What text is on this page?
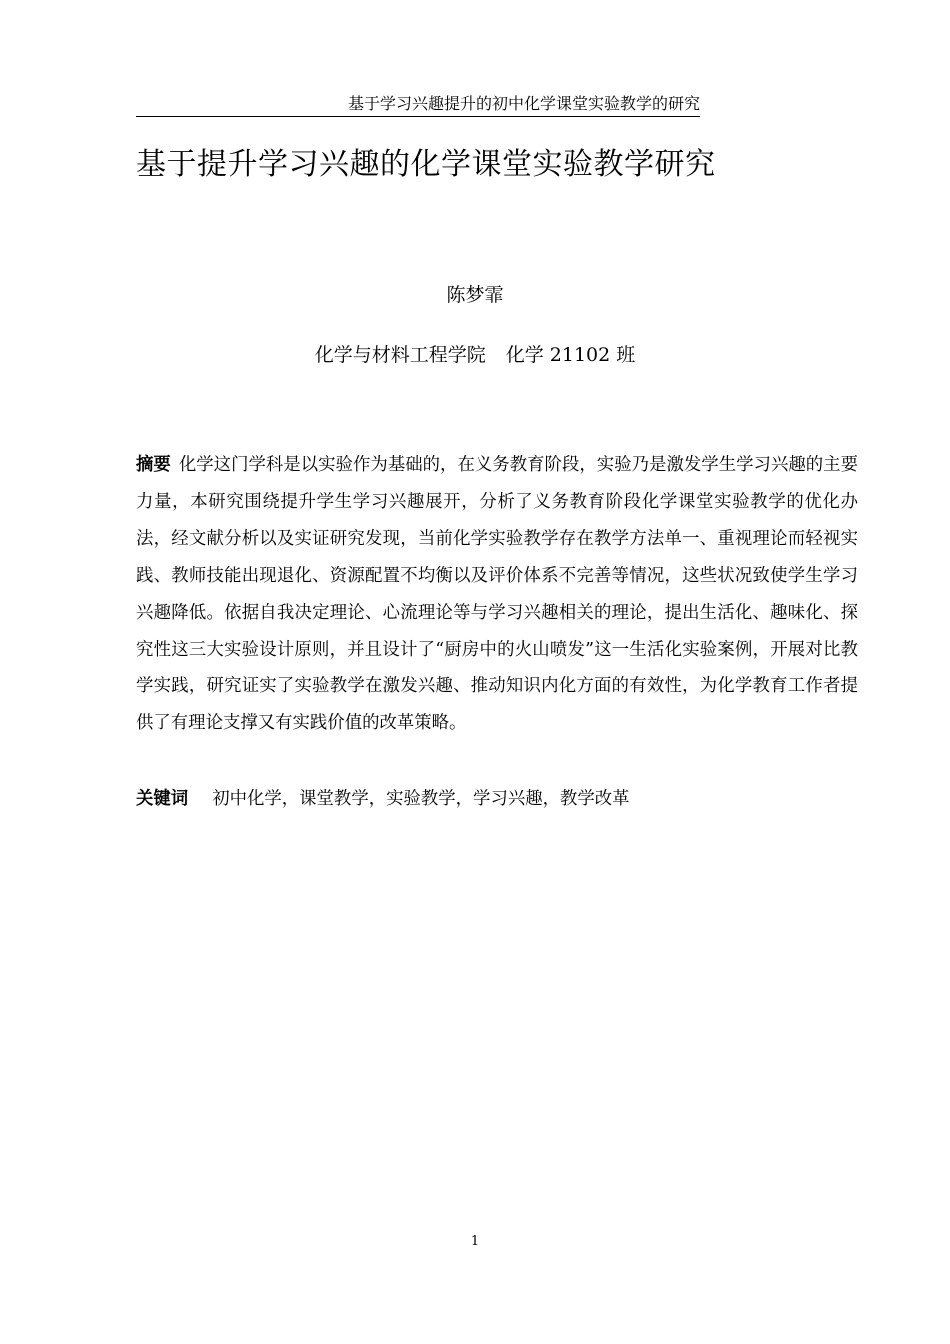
基于学习兴趣提升的初中化学课堂实验教学的研究
基于提升学习兴趣的化学课堂实验教学研究
陈梦霏
化学与材料工程学院 化学 21102 班
摘要 化学这门学科是以实验作为基础的，在义务教育阶段，实验乃是激发学生学习兴趣的主要力量，本研究围绕提升学生学习兴趣展开，分析了义务教育阶段化学课堂实验教学的优化办法，经文献分析以及实证研究发现，当前化学实验教学存在教学方法单一、重视理论而轻视实践、教师技能出现退化、资源配置不均衡以及评价体系不完善等情况，这些状况致使学生学习兴趣降低。依据自我决定理论、心流理论等与学习兴趣相关的理论，提出生活化、趣味化、探究性这三大实验设计原则，并且设计了“厨房中的火山喷发”这一生活化实验案例，开展对比教学实践，研究证实了实验教学在激发兴趣、推动知识内化方面的有效性，为化学教育工作者提供了有理论支撑又有实践价值的改革策略。
关键词 初中化学，课堂教学，实验教学，学习兴趣，教学改革
1
